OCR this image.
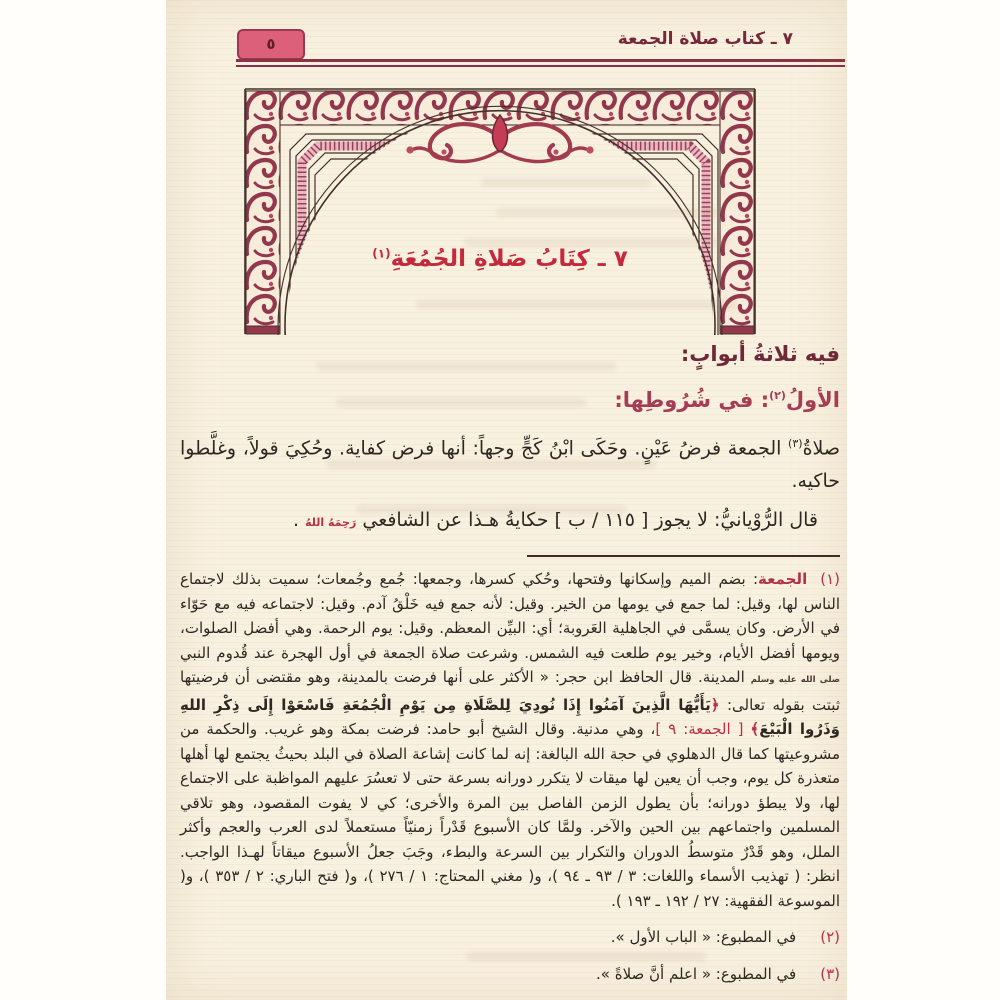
٥	٧ ـ كتاب صلاة الجمعة
٧ ـ كِتَابُ صَلاةِ الجُمُعَةِ$^{(١)}$
فيه ثلاثةُ أبوابٍ:
الأولُ$^{(٢)}$: في شُرُوطِها:

صلاةُ$^{(٣)}$ الجمعة فرضُ عَيْنٍ. وحَكَى ابْنُ كَجٍّ وجهاً: أنها فرض كفاية. وحُكِيَ قولاً، وغلَّطوا حاكيه.

قال الرُّوْيانيُّ: لا يجوز [ ١١٥ / ب ] حكايةُ هـذا عن الشافعي رَحِمَهُ اللهُ .

(١)الجمعة: بضم الميم وإسكانها وفتحها، وحُكي كسرها، وجمعها: جُمع وجُمعات؛ سميت بذلك لاجتماع الناس لها، وقيل: لما جمع في يومها من الخير. وقيل: لأنه جمع فيه خَلْقُ آدم. وقيل: لاجتماعه فيه مع حَوّاء في الأرض. وكان يسمَّى في الجاهلية العَروبة؛ أي: البيِّن المعظم. وقيل: يوم الرحمة. وهي أفضل الصلوات، ويومها أفضل الأيام، وخير يوم طلعت فيه الشمس. وشرعت صلاة الجمعة في أول الهجرة عند قُدوم النبي صلى الله عليه وسلم المدينة. قال الحافظ ابن حجر: « الأكثر على أنها فرضت بالمدينة، وهو مقتضى أن فرضيتها ثبتت بقوله تعالى: ﴿يَأَيُّهَا الَّذِينَ آمَنُوا إِذَا نُودِيَ لِلصَّلَاةِ مِن يَوْمِ الْجُمُعَةِ فَاسْعَوْا إِلَى ذِكْرِ اللهِ وَذَرُوا الْبَيْعَ﴾ [ الجمعة: ٩ ]، وهي مدنية. وقال الشيخ أبو حامد: فرضت بمكة وهو غريب. والحكمة من مشروعيتها كما قال الدهلوي في حجة الله البالغة: إنه لما كانت إشاعة الصلاة في البلد بحيثُ يجتمع لها أهلها متعذرة كل يوم، وجب أن يعين لها ميقات لا يتكرر دورانه بسرعة حتى لا تعسُرَ عليهم المواظبة على الاجتماع لها، ولا يبطؤ دورانه؛ بأن يطول الزمن الفاصل بين المرة والأخرى؛ كي لا يفوت المقصود، وهو تلاقي المسلمين واجتماعهم بين الحين والآخر. ولمَّا كان الأسبوع قَدْراً زمنيّاً مستعملاً لدى العرب والعجم وأكثر الملل، وهو قَدْرٌ متوسطُ الدوران والتكرار بين السرعة والبطء، وجَبَ جعلُ الأسبوع ميقاتاً لهـذا الواجب. انظر: ( تهذيب الأسماء واللغات: ٣ / ٩٣ ـ ٩٤ )، و( مغني المحتاج: ١ / ٢٧٦ )، و( فتح الباري: ٢ / ٣٥٣ )، و( الموسوعة الفقهية: ٢٧ / ١٩٢ ـ ١٩٣ ).

(٢)في المطبوع: « الباب الأول ».

(٣)في المطبوع: « اعلم أنَّ صلاةً ».
